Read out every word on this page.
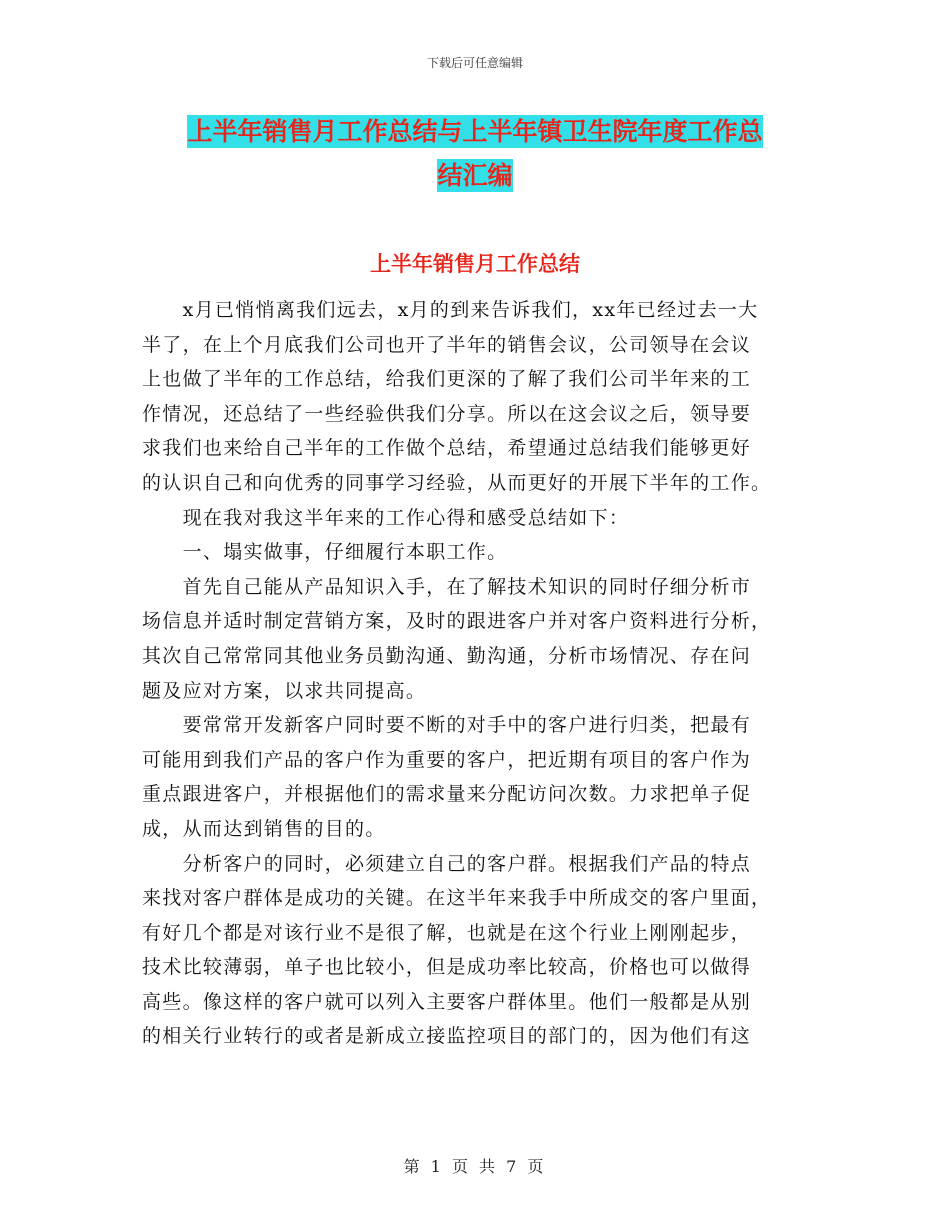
下载后可任意编辑
上半年销售月工作总结与上半年镇卫生院年度工作总
结汇编
上半年销售月工作总结
　　x月已悄悄离我们远去，x月的到来告诉我们，xx年已经过去一大
半了，在上个月底我们公司也开了半年的销售会议，公司领导在会议
上也做了半年的工作总结，给我们更深的了解了我们公司半年来的工
作情况，还总结了一些经验供我们分享。所以在这会议之后，领导要
求我们也来给自己半年的工作做个总结，希望通过总结我们能够更好
的认识自己和向优秀的同事学习经验，从而更好的开展下半年的工作。
　　现在我对我这半年来的工作心得和感受总结如下：
　　一、塌实做事，仔细履行本职工作。
　　首先自己能从产品知识入手，在了解技术知识的同时仔细分析市
场信息并适时制定营销方案，及时的跟进客户并对客户资料进行分析，
其次自己常常同其他业务员勤沟通、勤沟通，分析市场情况、存在问
题及应对方案，以求共同提高。
　　要常常开发新客户同时要不断的对手中的客户进行归类，把最有
可能用到我们产品的客户作为重要的客户，把近期有项目的客户作为
重点跟进客户，并根据他们的需求量来分配访问次数。力求把单子促
成，从而达到销售的目的。
　　分析客户的同时，必须建立自己的客户群。根据我们产品的特点
来找对客户群体是成功的关键。在这半年来我手中所成交的客户里面，
有好几个都是对该行业不是很了解，也就是在这个行业上刚刚起步，
技术比较薄弱，单子也比较小，但是成功率比较高，价格也可以做得
高些。像这样的客户就可以列入主要客户群体里。他们一般都是从别
的相关行业转行的或者是新成立接监控项目的部门的，因为他们有这
第 1 页 共 7 页
